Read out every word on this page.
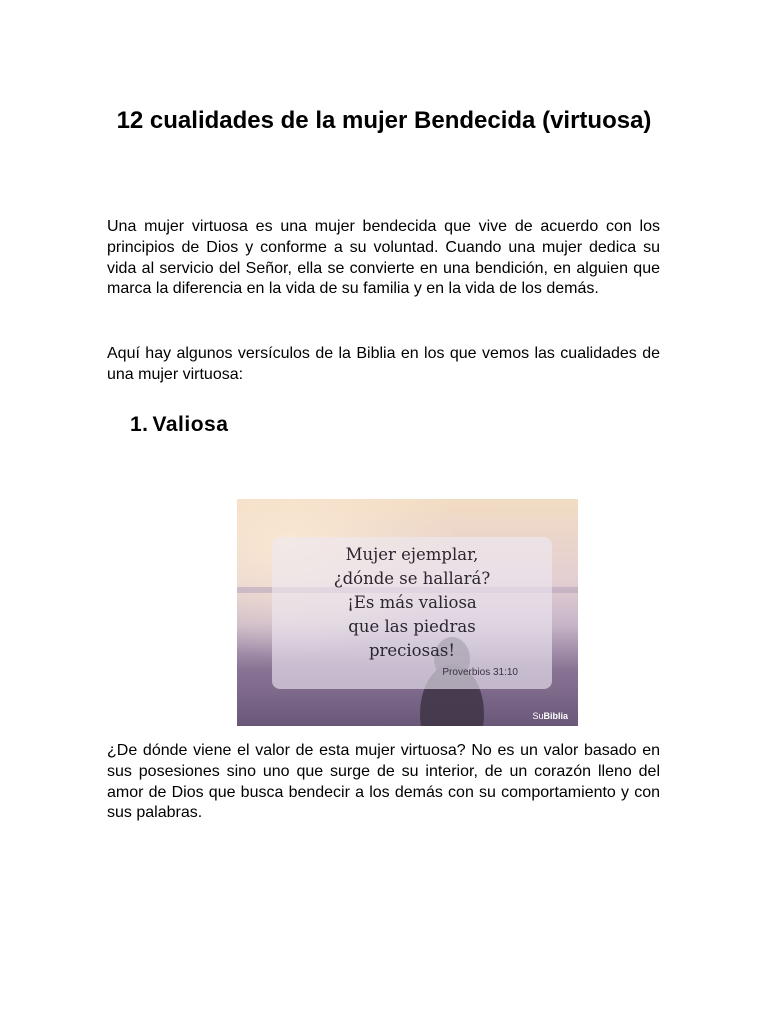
12 cualidades de la mujer Bendecida (virtuosa)

Una mujer virtuosa es una mujer bendecida que vive de acuerdo con los principios de Dios y conforme a su voluntad. Cuando una mujer dedica su vida al servicio del Señor, ella se convierte en una bendición, en alguien que marca la diferencia en la vida de su familia y en la vida de los demás.

Aquí hay algunos versículos de la Biblia en los que vemos las cualidades de una mujer virtuosa:

1. Valiosa

Mujer ejemplar,
¿dónde se hallará?
¡Es más valiosa
que las piedras
preciosas!

Proverbios 31:10
SuBiblia

¿De dónde viene el valor de esta mujer virtuosa? No es un valor basado en sus posesiones sino uno que surge de su interior, de un corazón lleno del amor de Dios que busca bendecir a los demás con su comportamiento y con sus palabras.
